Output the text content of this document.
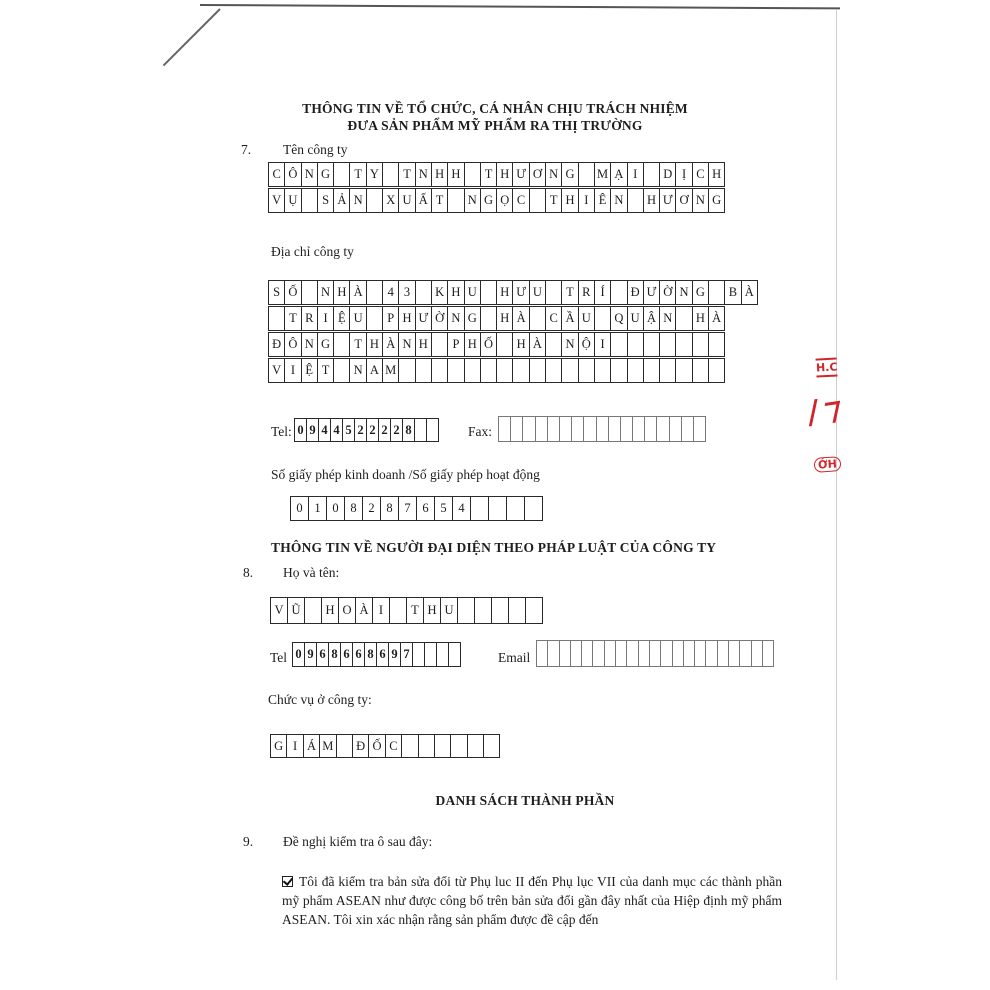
THÔNG TIN VỀ TỔ CHỨC, CÁ NHÂN CHỊU TRÁCH NHIỆM
ĐƯA SẢN PHẨM MỸ PHẨM RA THỊ TRƯỜNG
7. Tên công ty
C Ô N G	T Y	T N H H	T H Ư Ơ N G	M Ạ I	D Ị C H
V Ụ	S Ả N	X U Ấ T	N G Ọ C	T H I Ê N	H Ư Ơ N G
Địa chỉ công ty
S Ố	N H À	4 3	K H U	H Ư U	T R Í	Đ Ư Ờ N G	B À
T R I Ệ U	P H Ư Ờ N G	H À	C Ầ U	Q U Ậ N	H À
Đ Ô N G	T H À N H	P H Ố	H À	N Ộ I
V I Ệ T	N A M
Tel: 0 9 4 4 5 2 2 2 2 8	Fax:
Số giấy phép kinh doanh /Số giấy phép hoạt động
0 1 0 8 2 8 7 6 5 4
THÔNG TIN VỀ NGƯỜI ĐẠI DIỆN THEO PHÁP LUẬT CỦA CÔNG TY
8. Họ và tên:
V Ũ	H O À I	T H U
Tel 0 9 6 8 6 6 8 6 9 7	Email
Chức vụ ở công ty:
G I Á M	Đ Ố C
DANH SÁCH THÀNH PHẦN
9. Đề nghị kiểm tra ô sau đây:
Tôi đã kiểm tra bản sửa đổi từ Phụ luc II đến Phụ lục VII của danh mục các thành phần mỹ phẩm ASEAN như được công bố trên bản sửa đổi gần đây nhất của Hiệp định mỹ phẩm ASEAN. Tôi xin xác nhận rằng sản phẩm được đề cập đến
H.C
ỚH
